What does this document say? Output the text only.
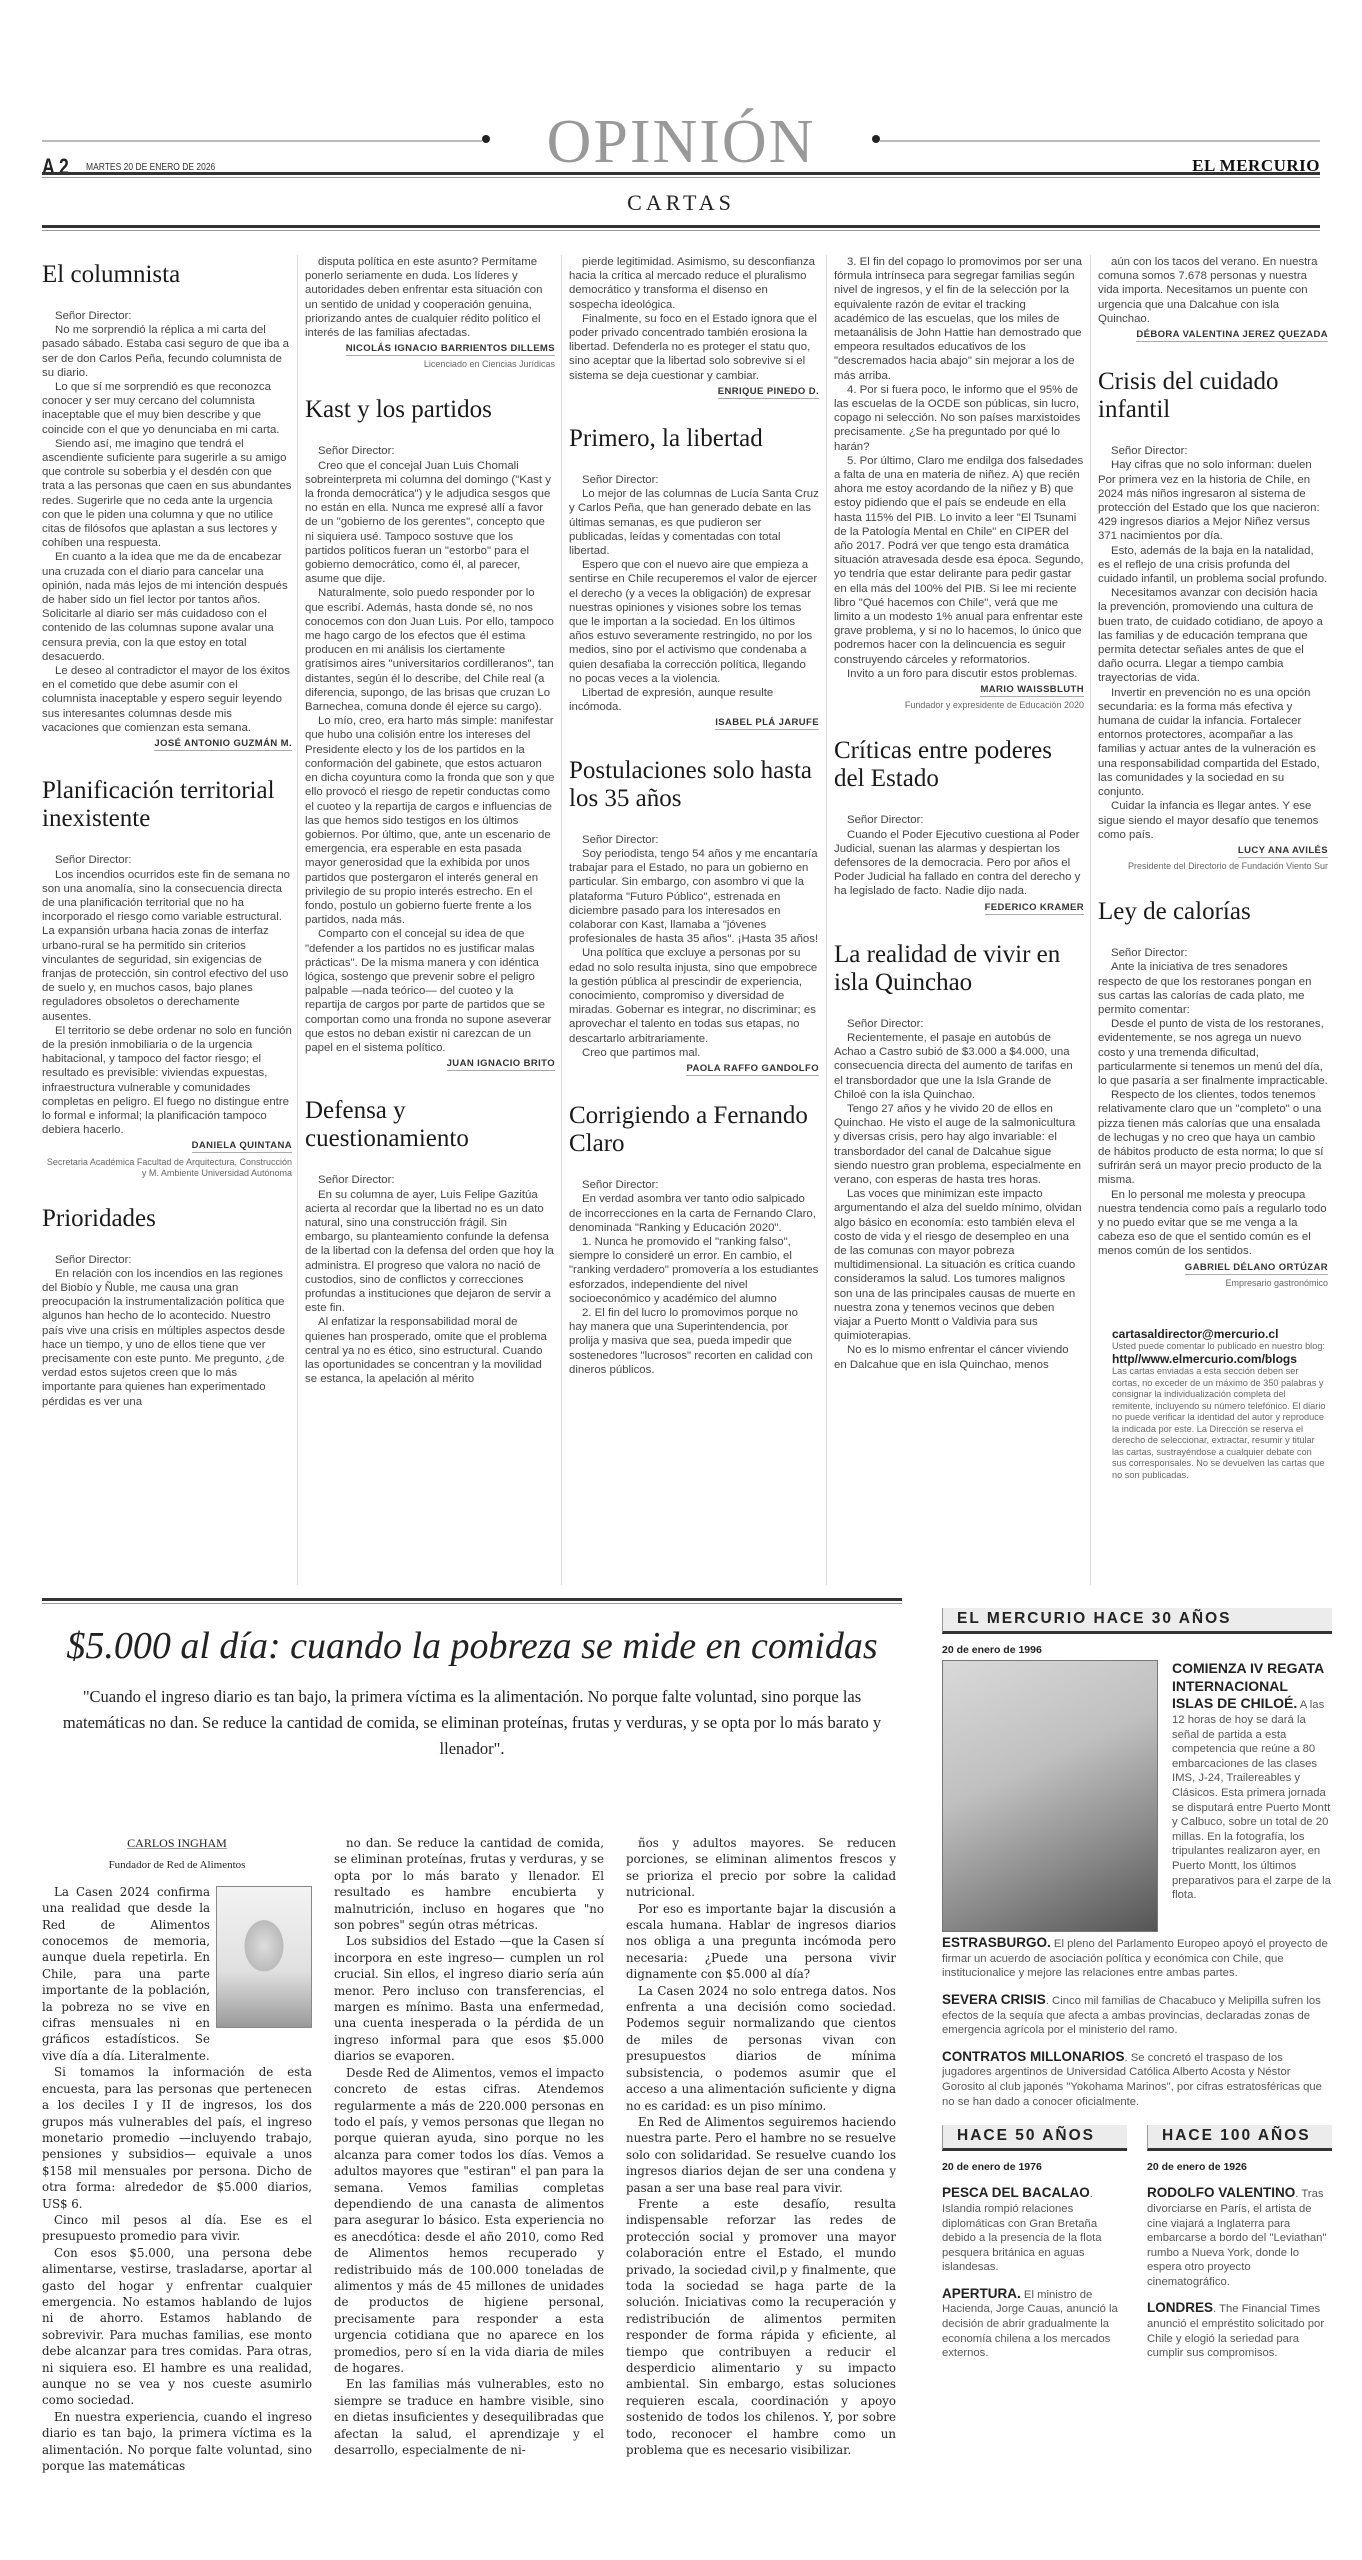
OPINIÓN
A 2 MARTES 20 DE ENERO DE 2026	EL MERCURIO
CARTAS
El columnista

Señor Director:

No me sorprendió la réplica a mi carta del pasado sábado. Estaba casi seguro de que iba a ser de don Carlos Peña, fecundo columnista de su diario.

Lo que sí me sorprendió es que reconozca conocer y ser muy cercano del columnista inaceptable que el muy bien describe y que coincide con el que yo denunciaba en mi carta.

Siendo así, me imagino que tendrá el ascendiente suficiente para sugerirle a su amigo que controle su soberbia y el desdén con que trata a las personas que caen en sus abundantes redes. Sugerirle que no ceda ante la urgencia con que le piden una columna y que no utilice citas de filósofos que aplastan a sus lectores y cohíben una respuesta.

En cuanto a la idea que me da de encabezar una cruzada con el diario para cancelar una opinión, nada más lejos de mi intención después de haber sido un fiel lector por tantos años. Solicitarle al diario ser más cuidadoso con el contenido de las columnas supone avalar una censura previa, con la que estoy en total desacuerdo.

Le deseo al contradictor el mayor de los éxitos en el cometido que debe asumir con el columnista inaceptable y espero seguir leyendo sus interesantes columnas desde mis vacaciones que comienzan esta semana.

JOSÉ ANTONIO GUZMÁN M.
Planificación territorial inexistente

Señor Director:

Los incendios ocurridos este fin de semana no son una anomalía, sino la consecuencia directa de una planificación territorial que no ha incorporado el riesgo como variable estructural. La expansión urbana hacia zonas de interfaz urbano-rural se ha permitido sin criterios vinculantes de seguridad, sin exigencias de franjas de protección, sin control efectivo del uso de suelo y, en muchos casos, bajo planes reguladores obsoletos o derechamente ausentes.

El territorio se debe ordenar no solo en función de la presión inmobiliaria o de la urgencia habitacional, y tampoco del factor riesgo; el resultado es previsible: viviendas expuestas, infraestructura vulnerable y comunidades completas en peligro. El fuego no distingue entre lo formal e informal; la planificación tampoco debiera hacerlo.

DANIELA QUINTANA
Secretaria Académica Facultad de Arquitectura, Construcción y M. Ambiente Universidad Autónoma
Prioridades

Señor Director:

En relación con los incendios en las regiones del Biobío y Ñuble, me causa una gran preocupación la instrumentalización política que algunos han hecho de lo acontecido. Nuestro país vive una crisis en múltiples aspectos desde hace un tiempo, y uno de ellos tiene que ver precisamente con este punto. Me pregunto, ¿de verdad estos sujetos creen que lo más importante para quienes han experimentado pérdidas es ver una

disputa política en este asunto? Permítame ponerlo seriamente en duda. Los líderes y autoridades deben enfrentar esta situación con un sentido de unidad y cooperación genuina, priorizando antes de cualquier rédito político el interés de las familias afectadas.

NICOLÁS IGNACIO BARRIENTOS DILLEMS
Licenciado en Ciencias Jurídicas
Kast y los partidos

Señor Director:

Creo que el concejal Juan Luis Chomali sobreinterpreta mi columna del domingo ("Kast y la fronda democrática") y le adjudica sesgos que no están en ella. Nunca me expresé allí a favor de un "gobierno de los gerentes", concepto que ni siquiera usé. Tampoco sostuve que los partidos políticos fueran un "estorbo" para el gobierno democrático, como él, al parecer, asume que dije.

Naturalmente, solo puedo responder por lo que escribí. Además, hasta donde sé, no nos conocemos con don Juan Luis. Por ello, tampoco me hago cargo de los efectos que él estima producen en mi análisis los ciertamente gratísimos aires "universitarios cordilleranos", tan distantes, según él lo describe, del Chile real (a diferencia, supongo, de las brisas que cruzan Lo Barnechea, comuna donde él ejerce su cargo).

Lo mío, creo, era harto más simple: manifestar que hubo una colisión entre los intereses del Presidente electo y los de los partidos en la conformación del gabinete, que estos actuaron en dicha coyuntura como la fronda que son y que ello provocó el riesgo de repetir conductas como el cuoteo y la repartija de cargos e influencias de las que hemos sido testigos en los últimos gobiernos. Por último, que, ante un escenario de emergencia, era esperable en esta pasada mayor generosidad que la exhibida por unos partidos que postergaron el interés general en privilegio de su propio interés estrecho. En el fondo, postulo un gobierno fuerte frente a los partidos, nada más.

Comparto con el concejal su idea de que "defender a los partidos no es justificar malas prácticas". De la misma manera y con idéntica lógica, sostengo que prevenir sobre el peligro palpable —nada teórico— del cuoteo y la repartija de cargos por parte de partidos que se comportan como una fronda no supone aseverar que estos no deban existir ni carezcan de un papel en el sistema político.

JUAN IGNACIO BRITO
Defensa y cuestionamiento

Señor Director:

En su columna de ayer, Luis Felipe Gazitúa acierta al recordar que la libertad no es un dato natural, sino una construcción frágil. Sin embargo, su planteamiento confunde la defensa de la libertad con la defensa del orden que hoy la administra. El progreso que valora no nació de custodios, sino de conflictos y correcciones profundas a instituciones que dejaron de servir a este fin.

Al enfatizar la responsabilidad moral de quienes han prosperado, omite que el problema central ya no es ético, sino estructural. Cuando las oportunidades se concentran y la movilidad se estanca, la apelación al mérito

pierde legitimidad. Asimismo, su desconfianza hacia la crítica al mercado reduce el pluralismo democrático y transforma el disenso en sospecha ideológica.

Finalmente, su foco en el Estado ignora que el poder privado concentrado también erosiona la libertad. Defenderla no es proteger el statu quo, sino aceptar que la libertad solo sobrevive si el sistema se deja cuestionar y cambiar.

ENRIQUE PINEDO D.
Primero, la libertad

Señor Director:

Lo mejor de las columnas de Lucía Santa Cruz y Carlos Peña, que han generado debate en las últimas semanas, es que pudieron ser publicadas, leídas y comentadas con total libertad.

Espero que con el nuevo aire que empieza a sentirse en Chile recuperemos el valor de ejercer el derecho (y a veces la obligación) de expresar nuestras opiniones y visiones sobre los temas que le importan a la sociedad. En los últimos años estuvo severamente restringido, no por los medios, sino por el activismo que condenaba a quien desafiaba la corrección política, llegando no pocas veces a la violencia.

Libertad de expresión, aunque resulte incómoda.

ISABEL PLÁ JARUFE
Postulaciones solo hasta los 35 años

Señor Director:

Soy periodista, tengo 54 años y me encantaría trabajar para el Estado, no para un gobierno en particular. Sin embargo, con asombro vi que la plataforma "Futuro Público", estrenada en diciembre pasado para los interesados en colaborar con Kast, llamaba a "jóvenes profesionales de hasta 35 años". ¡Hasta 35 años!

Una política que excluye a personas por su edad no solo resulta injusta, sino que empobrece la gestión pública al prescindir de experiencia, conocimiento, compromiso y diversidad de miradas. Gobernar es integrar, no discriminar; es aprovechar el talento en todas sus etapas, no descartarlo arbitrariamente.

Creo que partimos mal.

PAOLA RAFFO GANDOLFO
Corrigiendo a Fernando Claro

Señor Director:

En verdad asombra ver tanto odio salpicado de incorrecciones en la carta de Fernando Claro, denominada "Ranking y Educación 2020".

1. Nunca he promovido el "ranking falso", siempre lo consideré un error. En cambio, el "ranking verdadero" promovería a los estudiantes esforzados, independiente del nivel socioeconómico y académico del alumno

2. El fin del lucro lo promovimos porque no hay manera que una Superintendencia, por prolija y masiva que sea, pueda impedir que sostenedores "lucrosos" recorten en calidad con dineros públicos.

3. El fin del copago lo promovimos por ser una fórmula intrínseca para segregar familias según nivel de ingresos, y el fin de la selección por la equivalente razón de evitar el tracking académico de las escuelas, que los miles de metaanálisis de John Hattie han demostrado que empeora resultados educativos de los "descremados hacia abajo" sin mejorar a los de más arriba.

4. Por si fuera poco, le informo que el 95% de las escuelas de la OCDE son públicas, sin lucro, copago ni selección. No son países marxistoides precisamente. ¿Se ha preguntado por qué lo harán?

5. Por último, Claro me endilga dos falsedades a falta de una en materia de niñez. A) que recién ahora me estoy acordando de la niñez y B) que estoy pidiendo que el país se endeude en ella hasta 115% del PIB. Lo invito a leer "El Tsunami de la Patología Mental en Chile" en CIPER del año 2017. Podrá ver que tengo esta dramática situación atravesada desde esa época. Segundo, yo tendría que estar delirante para pedir gastar en ella más del 100% del PIB. Si lee mi reciente libro "Qué hacemos con Chile", verá que me limito a un modesto 1% anual para enfrentar este grave problema, y si no lo hacemos, lo único que podremos hacer con la delincuencia es seguir construyendo cárceles y reformatorios.

Invito a un foro para discutir estos problemas.

MARIO WAISSBLUTH
Fundador y expresidente de Educación 2020
Críticas entre poderes del Estado

Señor Director:

Cuando el Poder Ejecutivo cuestiona al Poder Judicial, suenan las alarmas y despiertan los defensores de la democracia. Pero por años el Poder Judicial ha fallado en contra del derecho y ha legislado de facto. Nadie dijo nada.

FEDERICO KRAMER
La realidad de vivir en isla Quinchao

Señor Director:

Recientemente, el pasaje en autobús de Achao a Castro subió de $3.000 a $4.000, una consecuencia directa del aumento de tarifas en el transbordador que une la Isla Grande de Chiloé con la isla Quinchao.

Tengo 27 años y he vivido 20 de ellos en Quinchao. He visto el auge de la salmonicultura y diversas crisis, pero hay algo invariable: el transbordador del canal de Dalcahue sigue siendo nuestro gran problema, especialmente en verano, con esperas de hasta tres horas.

Las voces que minimizan este impacto argumentando el alza del sueldo mínimo, olvidan algo básico en economía: esto también eleva el costo de vida y el riesgo de desempleo en una de las comunas con mayor pobreza multidimensional. La situación es crítica cuando consideramos la salud. Los tumores malignos son una de las principales causas de muerte en nuestra zona y tenemos vecinos que deben viajar a Puerto Montt o Valdivia para sus quimioterapias.

No es lo mismo enfrentar el cáncer viviendo en Dalcahue que en isla Quinchao, menos

aún con los tacos del verano. En nuestra comuna somos 7.678 personas y nuestra vida importa. Necesitamos un puente con urgencia que una Dalcahue con isla Quinchao.

DÉBORA VALENTINA JEREZ QUEZADA
Crisis del cuidado infantil

Señor Director:

Hay cifras que no solo informan: duelen Por primera vez en la historia de Chile, en 2024 más niños ingresaron al sistema de protección del Estado que los que nacieron: 429 ingresos diarios a Mejor Niñez versus 371 nacimientos por día.

Esto, además de la baja en la natalidad, es el reflejo de una crisis profunda del cuidado infantil, un problema social profundo.

Necesitamos avanzar con decisión hacia la prevención, promoviendo una cultura de buen trato, de cuidado cotidiano, de apoyo a las familias y de educación temprana que permita detectar señales antes de que el daño ocurra. Llegar a tiempo cambia trayectorias de vida.

Invertir en prevención no es una opción secundaria: es la forma más efectiva y humana de cuidar la infancia. Fortalecer entornos protectores, acompañar a las familias y actuar antes de la vulneración es una responsabilidad compartida del Estado, las comunidades y la sociedad en su conjunto.

Cuidar la infancia es llegar antes. Y ese sigue siendo el mayor desafío que tenemos como país.

LUCY ANA AVILÉS
Presidente del Directorio de Fundación Viento Sur
Ley de calorías

Señor Director:

Ante la iniciativa de tres senadores respecto de que los restoranes pongan en sus cartas las calorías de cada plato, me permito comentar:

Desde el punto de vista de los restoranes, evidentemente, se nos agrega un nuevo costo y una tremenda dificultad, particularmente si tenemos un menú del día, lo que pasaría a ser finalmente impracticable.

Respecto de los clientes, todos tenemos relativamente claro que un "completo" o una pizza tienen más calorías que una ensalada de lechugas y no creo que haya un cambio de hábitos producto de esta norma; lo que sí sufrirán será un mayor precio producto de la misma.

En lo personal me molesta y preocupa nuestra tendencia como país a regularlo todo y no puedo evitar que se me venga a la cabeza eso de que el sentido común es el menos común de los sentidos.

GABRIEL DÉLANO ORTÚZAR
Empresario gastronómico
cartasaldirector@mercurio.cl
Usted puede comentar lo publicado en nuestro blog:
http//www.elmercurio.com/blogs
Las cartas enviadas a esta sección deben ser cortas, no exceder de un máximo de 350 palabras y consignar la individualización completa del remitente, incluyendo su número telefónico. El diario no puede verificar la identidad del autor y reproduce la indicada por este. La Dirección se reserva el derecho de seleccionar, extractar, resumir y titular las cartas, sustrayéndose a cualquier debate con sus corresponsales. No se devuelven las cartas que no son publicadas.
$5.000 al día: cuando la pobreza se mide en comidas
"Cuando el ingreso diario es tan bajo, la primera víctima es la alimentación. No porque falte voluntad, sino porque las matemáticas no dan. Se reduce la cantidad de comida, se eliminan proteínas, frutas y verduras, y se opta por lo más barato y llenador".
CARLOS INGHAM
Fundador de Red de Alimentos

La Casen 2024 confirma una realidad que desde la Red de Alimentos conocemos de memoria, aunque duela repetirla. En Chile, para una parte importante de la población, la pobreza no se vive en cifras mensuales ni en gráficos estadísticos. Se vive día a día. Literalmente.

Si tomamos la información de esta encuesta, para las personas que pertenecen a los deciles I y II de ingresos, los dos grupos más vulnerables del país, el ingreso monetario promedio —incluyendo trabajo, pensiones y subsidios— equivale a unos $158 mil mensuales por persona. Dicho de otra forma: alrededor de $5.000 diarios, US$ 6.

Cinco mil pesos al día. Ese es el presupuesto promedio para vivir.

Con esos $5.000, una persona debe alimentarse, vestirse, trasladarse, aportar al gasto del hogar y enfrentar cualquier emergencia. No estamos hablando de lujos ni de ahorro. Estamos hablando de sobrevivir. Para muchas familias, ese monto debe alcanzar para tres comidas. Para otras, ni siquiera eso. El hambre es una realidad, aunque no se vea y nos cueste asumirlo como sociedad.

En nuestra experiencia, cuando el ingreso diario es tan bajo, la primera víctima es la alimentación. No porque falte voluntad, sino porque las matemáticas

no dan. Se reduce la cantidad de comida, se eliminan proteínas, frutas y verduras, y se opta por lo más barato y llenador. El resultado es hambre encubierta y malnutrición, incluso en hogares que "no son pobres" según otras métricas.

Los subsidios del Estado —que la Casen sí incorpora en este ingreso— cumplen un rol crucial. Sin ellos, el ingreso diario sería aún menor. Pero incluso con transferencias, el margen es mínimo. Basta una enfermedad, una cuenta inesperada o la pérdida de un ingreso informal para que esos $5.000 diarios se evaporen.

Desde Red de Alimentos, vemos el impacto concreto de estas cifras. Atendemos regularmente a más de 220.000 personas en todo el país, y vemos personas que llegan no porque quieran ayuda, sino porque no les alcanza para comer todos los días. Vemos a adultos mayores que "estiran" el pan para la semana. Vemos familias completas dependiendo de una canasta de alimentos para asegurar lo básico. Esta experiencia no es anecdótica: desde el año 2010, como Red de Alimentos hemos recuperado y redistribuido más de 100.000 toneladas de alimentos y más de 45 millones de unidades de productos de higiene personal, precisamente para responder a esta urgencia cotidiana que no aparece en los promedios, pero sí en la vida diaria de miles de hogares.

En las familias más vulnerables, esto no siempre se traduce en hambre visible, sino en dietas insuficientes y desequilibradas que afectan la salud, el aprendizaje y el desarrollo, especialmente de ni-

ños y adultos mayores. Se reducen porciones, se eliminan alimentos frescos y se prioriza el precio por sobre la calidad nutricional.

Por eso es importante bajar la discusión a escala humana. Hablar de ingresos diarios nos obliga a una pregunta incómoda pero necesaria: ¿Puede una persona vivir dignamente con $5.000 al día?

La Casen 2024 no solo entrega datos. Nos enfrenta a una decisión como sociedad. Podemos seguir normalizando que cientos de miles de personas vivan con presupuestos diarios de mínima subsistencia, o podemos asumir que el acceso a una alimentación suficiente y digna no es caridad: es un piso mínimo.

En Red de Alimentos seguiremos haciendo nuestra parte. Pero el hambre no se resuelve solo con solidaridad. Se resuelve cuando los ingresos diarios dejan de ser una condena y pasan a ser una base real para vivir.

Frente a este desafío, resulta indispensable reforzar las redes de protección social y promover una mayor colaboración entre el Estado, el mundo privado, la sociedad civil,p y finalmente, que toda la sociedad se haga parte de la solución. Iniciativas como la recuperación y redistribución de alimentos permiten responder de forma rápida y eficiente, al tiempo que contribuyen a reducir el desperdicio alimentario y su impacto ambiental. Sin embargo, estas soluciones requieren escala, coordinación y apoyo sostenido de todos los chilenos. Y, por sobre todo, reconocer el hambre como un problema que es necesario visibilizar.

EL MERCURIO HACE 30 AÑOS
20 de enero de 1996
COMIENZA IV REGATA INTERNACIONAL ISLAS DE CHILOÉ. A las 12 horas de hoy se dará la señal de partida a esta competencia que reúne a 80 embarcaciones de las clases IMS, J-24, Trailereables y Clásicos. Esta primera jornada se disputará entre Puerto Montt y Calbuco, sobre un total de 20 millas. En la fotografía, los tripulantes realizaron ayer, en Puerto Montt, los últimos preparativos para el zarpe de la flota.
ESTRASBURGO. El pleno del Parlamento Europeo apoyó el proyecto de firmar un acuerdo de asociación política y económica con Chile, que institucionalice y mejore las relaciones entre ambas partes.
SEVERA CRISIS. Cinco mil familias de Chacabuco y Melipilla sufren los efectos de la sequía que afecta a ambas provincias, declaradas zonas de emergencia agrícola por el ministerio del ramo.
CONTRATOS MILLONARIOS. Se concretó el traspaso de los jugadores argentinos de Universidad Católica Alberto Acosta y Néstor Gorosito al club japonés "Yokohama Marinos", por cifras estratosféricas que no se han dado a conocer oficialmente.
HACE 50 AÑOS
20 de enero de 1976
PESCA DEL BACALAO. Islandia rompió relaciones diplomáticas con Gran Bretaña debido a la presencia de la flota pesquera británica en aguas islandesas.
APERTURA. El ministro de Hacienda, Jorge Cauas, anunció la decisión de abrir gradualmente la economía chilena a los mercados externos.
HACE 100 AÑOS
20 de enero de 1926
RODOLFO VALENTINO. Tras divorciarse en París, el artista de cine viajará a Inglaterra para embarcarse a bordo del "Leviathan" rumbo a Nueva York, donde lo espera otro proyecto cinematográfico.
LONDRES. The Financial Times anunció el empréstito solicitado por Chile y elogió la seriedad para cumplir sus compromisos.
